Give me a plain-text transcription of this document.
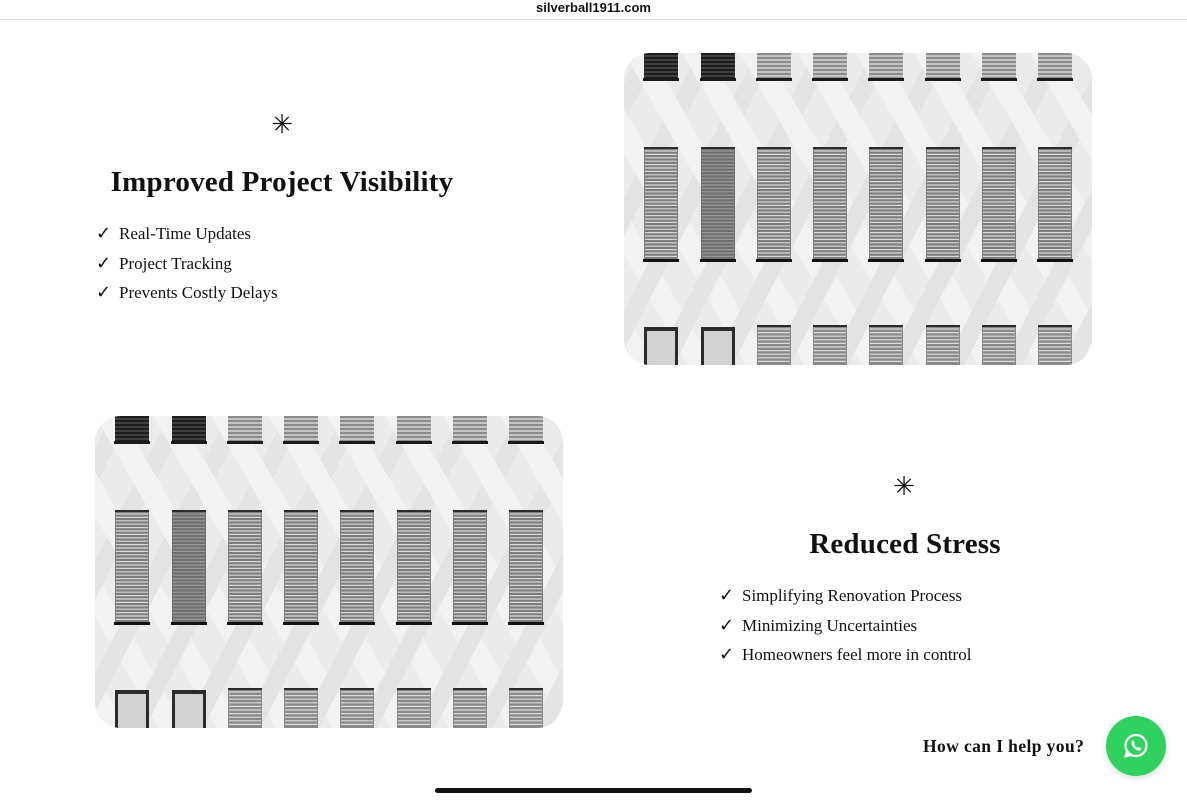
silverball1911.com
✳
Improved Project Visibility
✓ Real-Time Updates
✓ Project Tracking
✓ Prevents Costly Delays
✳
Reduced Stress
✓ Simplifying Renovation Process
✓ Minimizing Uncertainties
✓ Homeowners feel more in control
How can I help you?
